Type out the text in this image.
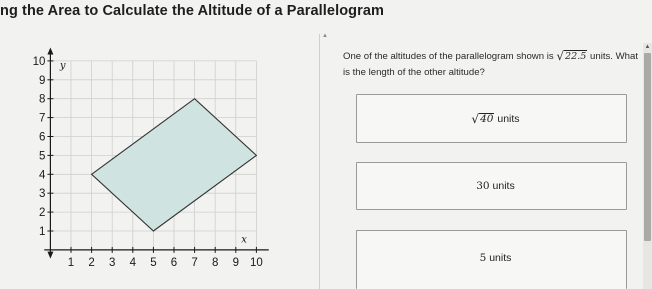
ng the Area to Calculate the Altitude of a Parallelogram
1 2 3 4 5 6 7 8 9 10
1
2
3
4
5
6
7
8
9
10
x
y
▲
One of the altitudes of the parallelogram shown is √ 22.5 units. What is the length of the other altitude?
√ 40 units
30 units
5 units
▲
